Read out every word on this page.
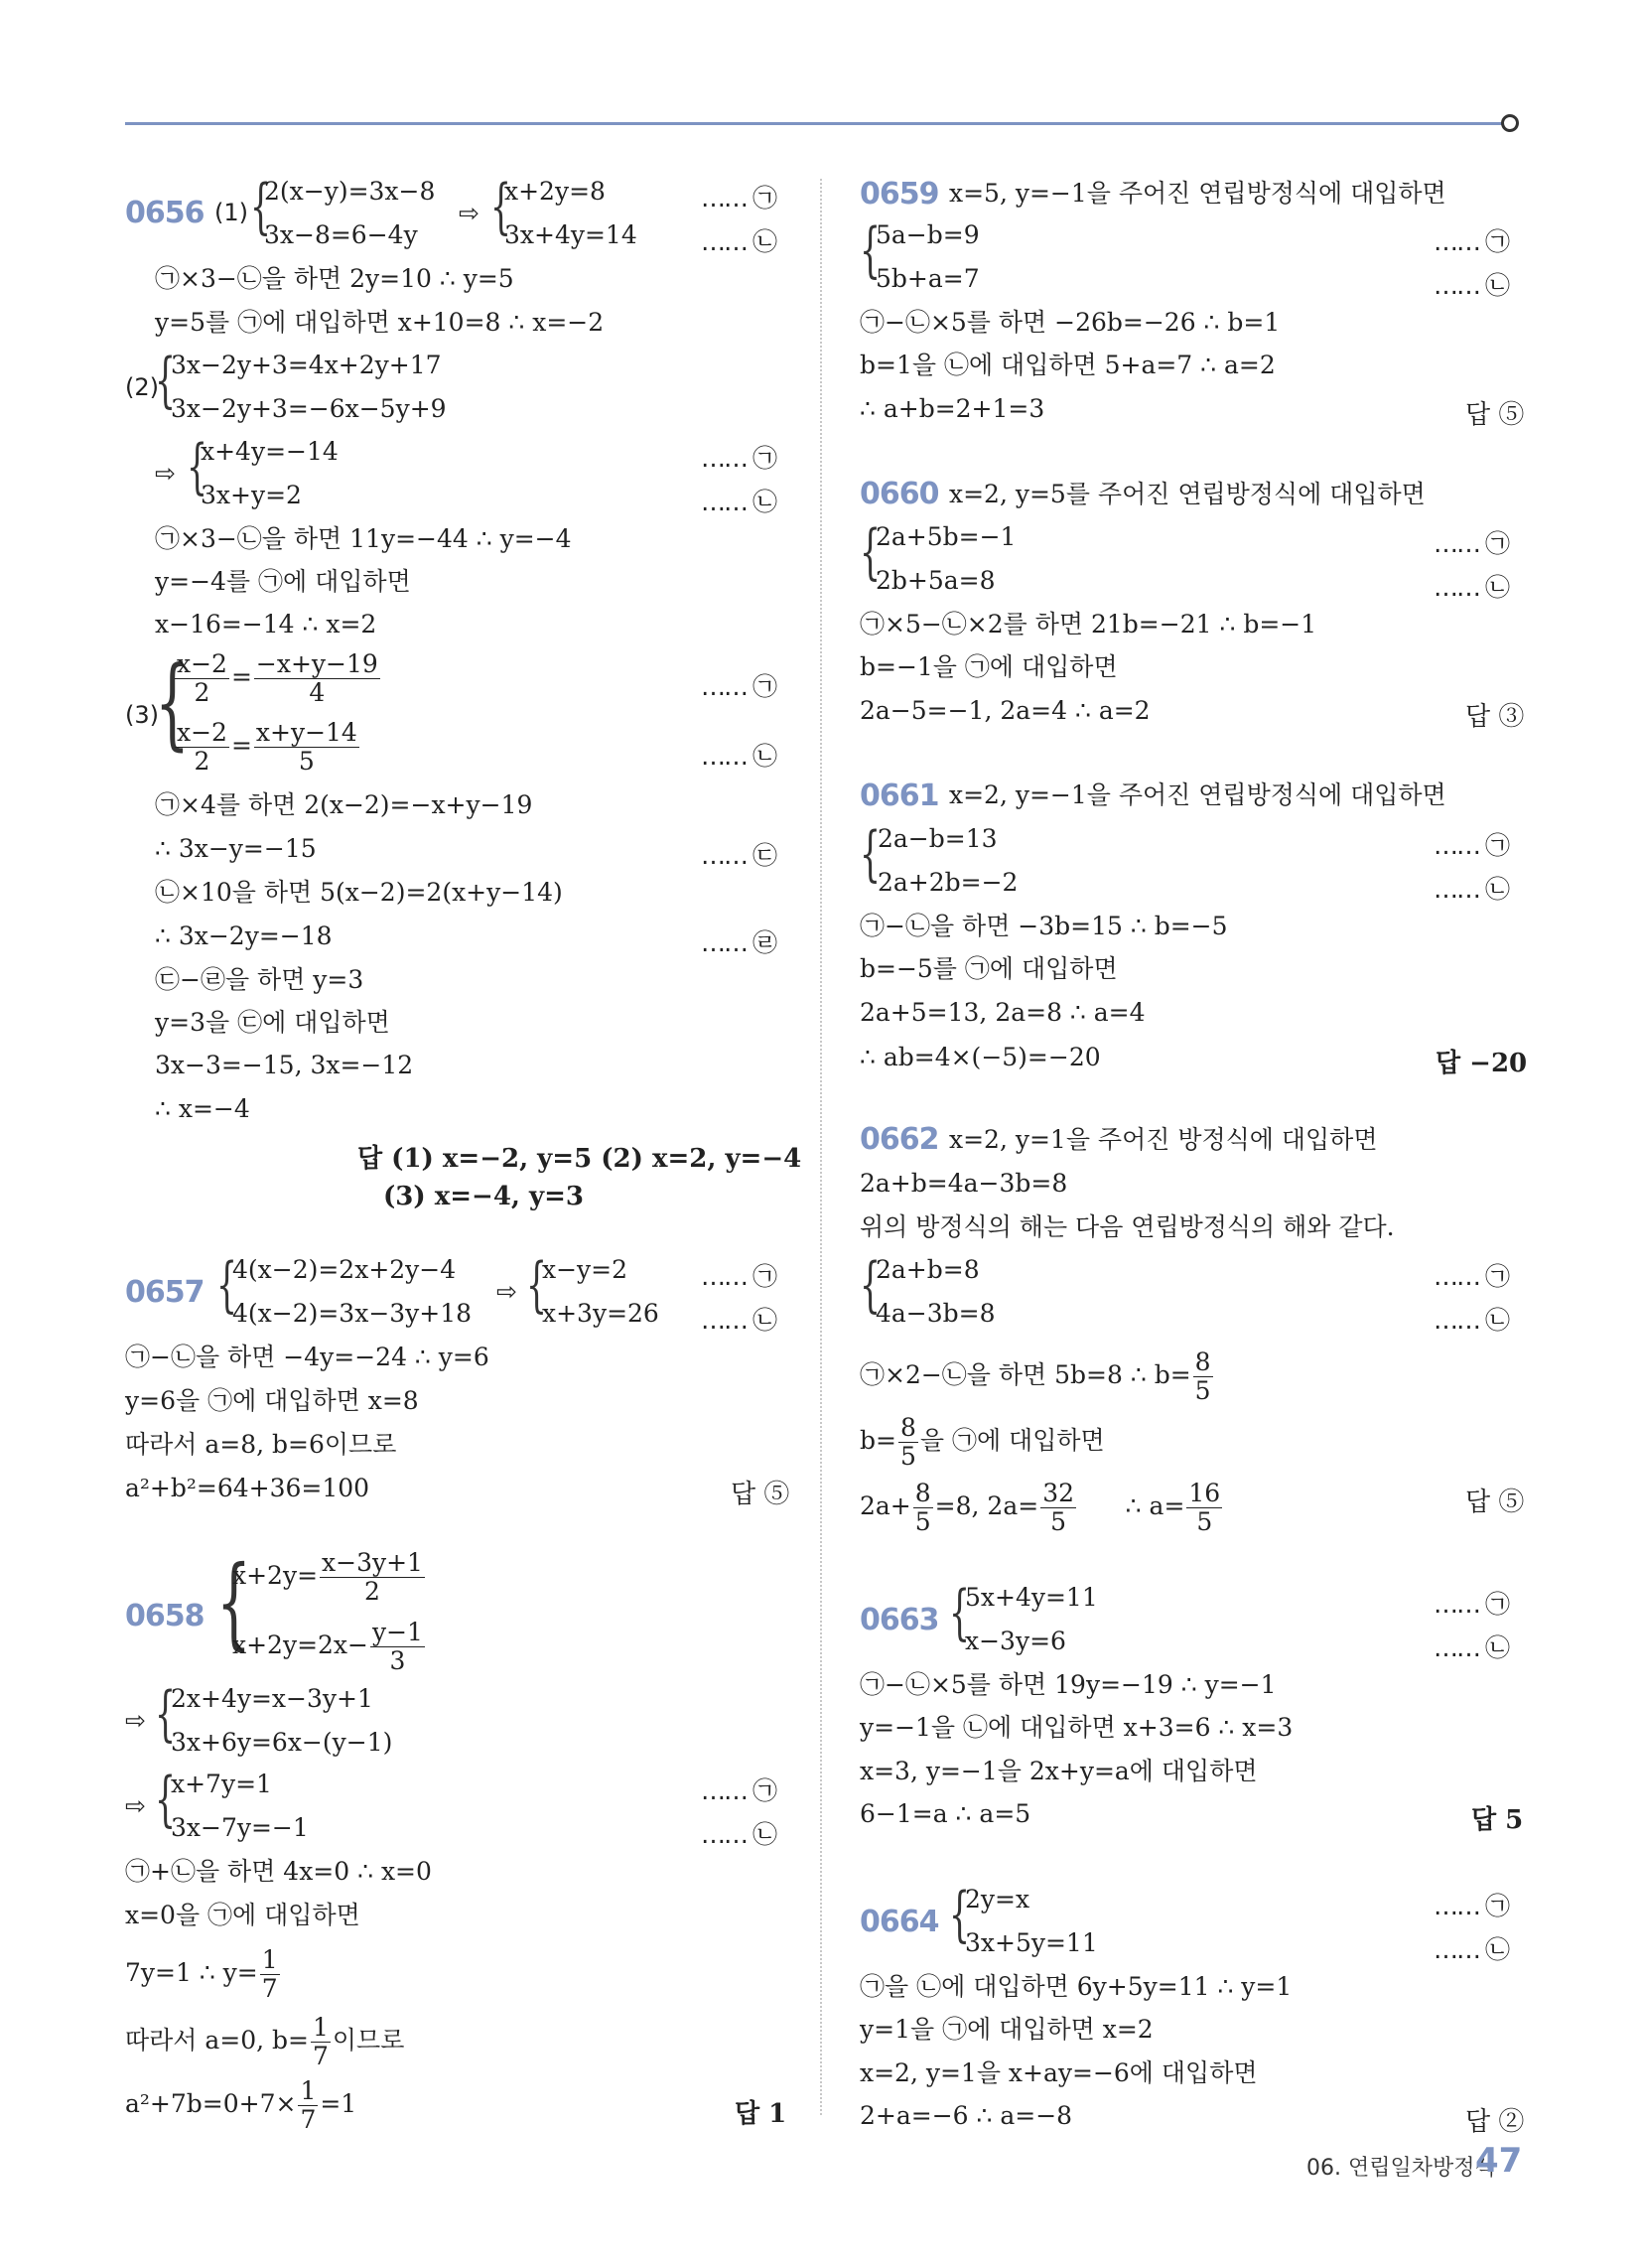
0656 (1) {
2(x−y)=3x−8
3x−8=6−4y
⇨ {
x+2y=8
3x+4y=14
…… ㉠
…… ㉡
㉠×3−㉡을 하면 2y=10 ∴ y=5
y=5를 ㉠에 대입하면 x+10=8 ∴ x=−2
(2)
{
3x−2y+3=4x+2y+17
3x−2y+3=−6x−5y+9
⇨ {
x+4y=−14
3x+y=2
…… ㉠
…… ㉡
㉠×3−㉡을 하면 11y=−44 ∴ y=−4
y=−4를 ㉠에 대입하면
x−16=−14 ∴ x=2
(3)
{
$\frac{x-2}{2} = \frac{-x+y-19}{4}$
$\frac{x-2}{2} = \frac{x+y-14}{5}$
…… ㉠
…… ㉡
㉠×4를 하면 2(x−2)=−x+y−19
∴ 3x−y=−15	…… ㉢
㉡×10을 하면 5(x−2)=2(x+y−14)
∴ 3x−2y=−18	…… ㉣
㉢−㉣을 하면 y=3
y=3을 ㉢에 대입하면
3x−3=−15, 3x=−12
∴ x=−4
답 (1) x=−2, y=5 (2) x=2, y=−4
(3) x=−4, y=3
0657 {
4(x−2)=2x+2y−4
4(x−2)=3x−3y+18
⇨ {
x−y=2
x+3y=26
…… ㉠
…… ㉡
㉠−㉡을 하면 −4y=−24 ∴ y=6
y=6을 ㉠에 대입하면 x=8
따라서 a=8, b=6이므로
a²+b²=64+36=100	답 ⑤
0658 {
$x+2y= \frac{x-3y+1}{2}$
$x+2y=2x- \frac{y-1}{3}$
⇨ {
2x+4y=x−3y+1
3x+6y=6x−(y−1)
⇨ {
x+7y=1
3x−7y=−1
…… ㉠
…… ㉡
㉠+㉡을 하면 4x=0 ∴ x=0
x=0을 ㉠에 대입하면
7y=1 ∴ $y= \frac{1}{7}$
따라서 a=0, $b= \frac{1}{7}$ 이므로
$a^2+7b=0+7\times \frac{1}{7} =1$	답 1
0659 x=5, y=−1을 주어진 연립방정식에 대입하면
{
5a−b=9
5b+a=7
…… ㉠
…… ㉡
㉠−㉡×5를 하면 −26b=−26 ∴ b=1
b=1을 ㉡에 대입하면 5+a=7 ∴ a=2
∴ a+b=2+1=3	답 ⑤
0660 x=2, y=5를 주어진 연립방정식에 대입하면
{
2a+5b=−1
2b+5a=8
…… ㉠
…… ㉡
㉠×5−㉡×2를 하면 21b=−21 ∴ b=−1
b=−1을 ㉠에 대입하면
2a−5=−1, 2a=4 ∴ a=2	답 ③
0661 x=2, y=−1을 주어진 연립방정식에 대입하면
{
2a−b=13
2a+2b=−2
…… ㉠
…… ㉡
㉠−㉡을 하면 −3b=15 ∴ b=−5
b=−5를 ㉠에 대입하면
2a+5=13, 2a=8 ∴ a=4
∴ ab=4×(−5)=−20	답 −20
0662 x=2, y=1을 주어진 방정식에 대입하면
2a+b=4a−3b=8
위의 방정식의 해는 다음 연립방정식의 해와 같다.
{
2a+b=8
4a−3b=8
…… ㉠
…… ㉡
㉠×2−㉡을 하면 5b=8 ∴ $b= \frac{8}{5}$
$b= \frac{8}{5}$ 을 ㉠에 대입하면
$2a+ \frac{8}{5} =8$, $2a= \frac{32}{5}$ ∴ $a= \frac{16}{5}$	답 ⑤
0663 {
5x+4y=11
x−3y=6
…… ㉠
…… ㉡
㉠−㉡×5를 하면 19y=−19 ∴ y=−1
y=−1을 ㉡에 대입하면 x+3=6 ∴ x=3
x=3, y=−1을 2x+y=a에 대입하면
6−1=a ∴ a=5	답 5
0664 {
2y=x
3x+5y=11
…… ㉠
…… ㉡
㉠을 ㉡에 대입하면 6y+5y=11 ∴ y=1
y=1을 ㉠에 대입하면 x=2
x=2, y=1을 x+ay=−6에 대입하면
2+a=−6 ∴ a=−8	답 ②
06. 연립일차방정식
47
